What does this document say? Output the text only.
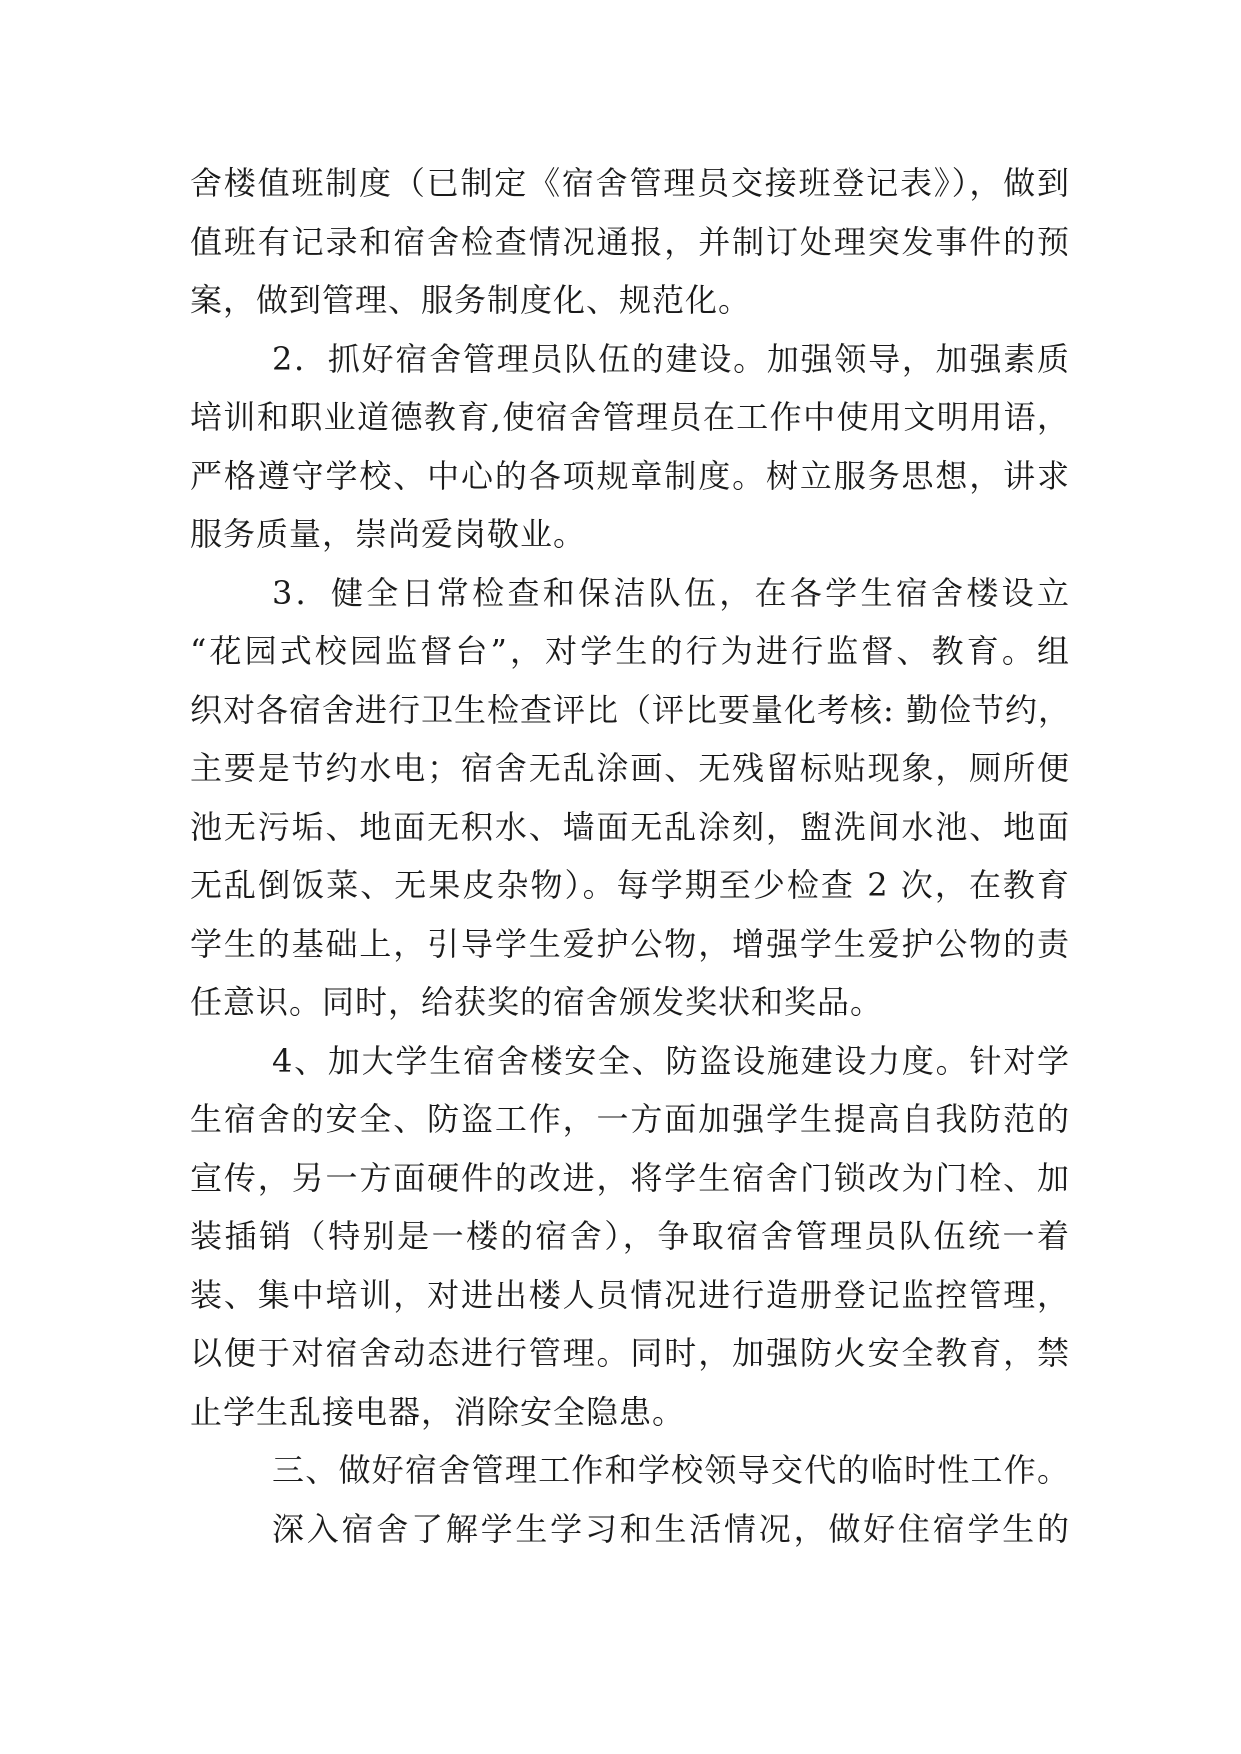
舍楼值班制度（已制定《宿舍管理员交接班登记表》），做到
值班有记录和宿舍检查情况通报，并制订处理突发事件的预
案，做到管理、服务制度化、规范化。
2．抓好宿舍管理员队伍的建设。加强领导，加强素质
培训和职业道德教育,使宿舍管理员在工作中使用文明用语，
严格遵守学校、中心的各项规章制度。树立服务思想，讲求
服务质量，崇尚爱岗敬业。
3．健全日常检查和保洁队伍，在各学生宿舍楼设立
“花园式校园监督台”，对学生的行为进行监督、教育。组
织对各宿舍进行卫生检查评比（评比要量化考核: 勤俭节约，
主要是节约水电；宿舍无乱涂画、无残留标贴现象，厕所便
池无污垢、地面无积水、墙面无乱涂刻，盥洗间水池、地面
无乱倒饭菜、无果皮杂物）。每学期至少检查 2 次，在教育
学生的基础上，引导学生爱护公物，增强学生爱护公物的责
任意识。同时，给获奖的宿舍颁发奖状和奖品。
4、加大学生宿舍楼安全、防盗设施建设力度。针对学
生宿舍的安全、防盗工作，一方面加强学生提高自我防范的
宣传，另一方面硬件的改进，将学生宿舍门锁改为门栓、加
装插销（特别是一楼的宿舍），争取宿舍管理员队伍统一着
装、集中培训，对进出楼人员情况进行造册登记监控管理，
以便于对宿舍动态进行管理。同时，加强防火安全教育，禁
止学生乱接电器，消除安全隐患。
三、做好宿舍管理工作和学校领导交代的临时性工作。
深入宿舍了解学生学习和生活情况，做好住宿学生的
